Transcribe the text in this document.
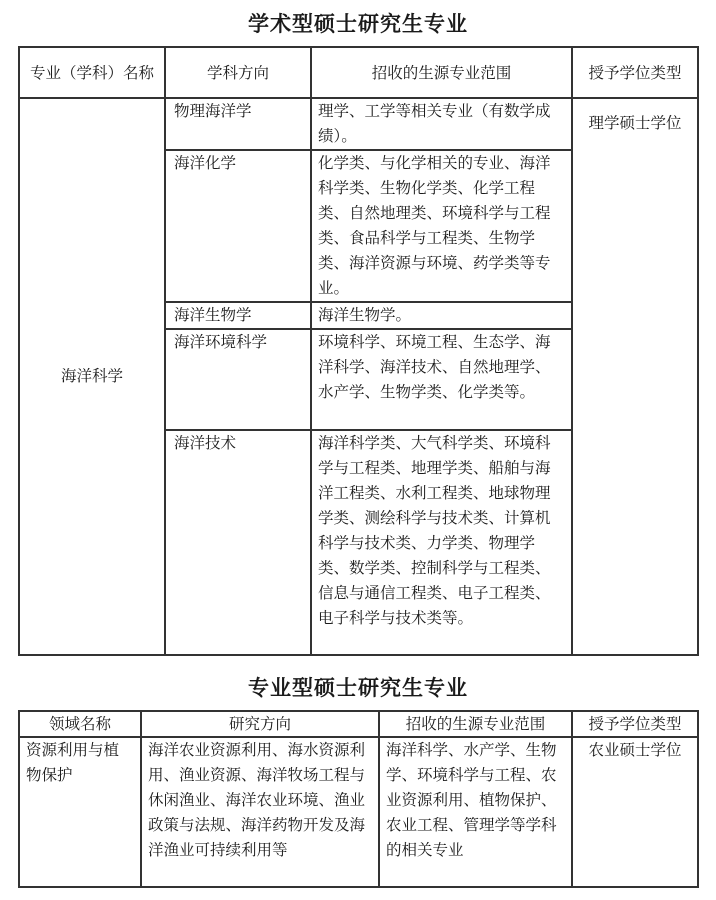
学术型硕士研究生专业
专业（学科）名称	学科方向	招收的生源专业范围	授予学位类型
海洋科学	物理海洋学	理学、工学等相关专业（有数学成绩）。	理学硕士学位
	海洋化学	化学类、与化学相关的专业、海洋科学类、生物化学类、化学工程类、自然地理类、环境科学与工程类、食品科学与工程类、生物学类、海洋资源与环境、药学类等专业。	
	海洋生物学	海洋生物学。	
	海洋环境科学	环境科学、环境工程、生态学、海洋科学、海洋技术、自然地理学、水产学、生物学类、化学类等。	
	海洋技术	海洋科学类、大气科学类、环境科学与工程类、地理学类、船舶与海洋工程类、水利工程类、地球物理学类、测绘科学与技术类、计算机科学与技术类、力学类、物理学类、数学类、控制科学与工程类、信息与通信工程类、电子工程类、电子科学与技术类等。	
专业型硕士研究生专业
领域名称	研究方向	招收的生源专业范围	授予学位类型
资源利用与植物保护	海洋农业资源利用、海水资源利用、渔业资源、海洋牧场工程与休闲渔业、海洋农业环境、渔业政策与法规、海洋药物开发及海洋渔业可持续利用等	海洋科学、水产学、生物学、环境科学与工程、农业资源利用、植物保护、农业工程、管理学等学科的相关专业	农业硕士学位
